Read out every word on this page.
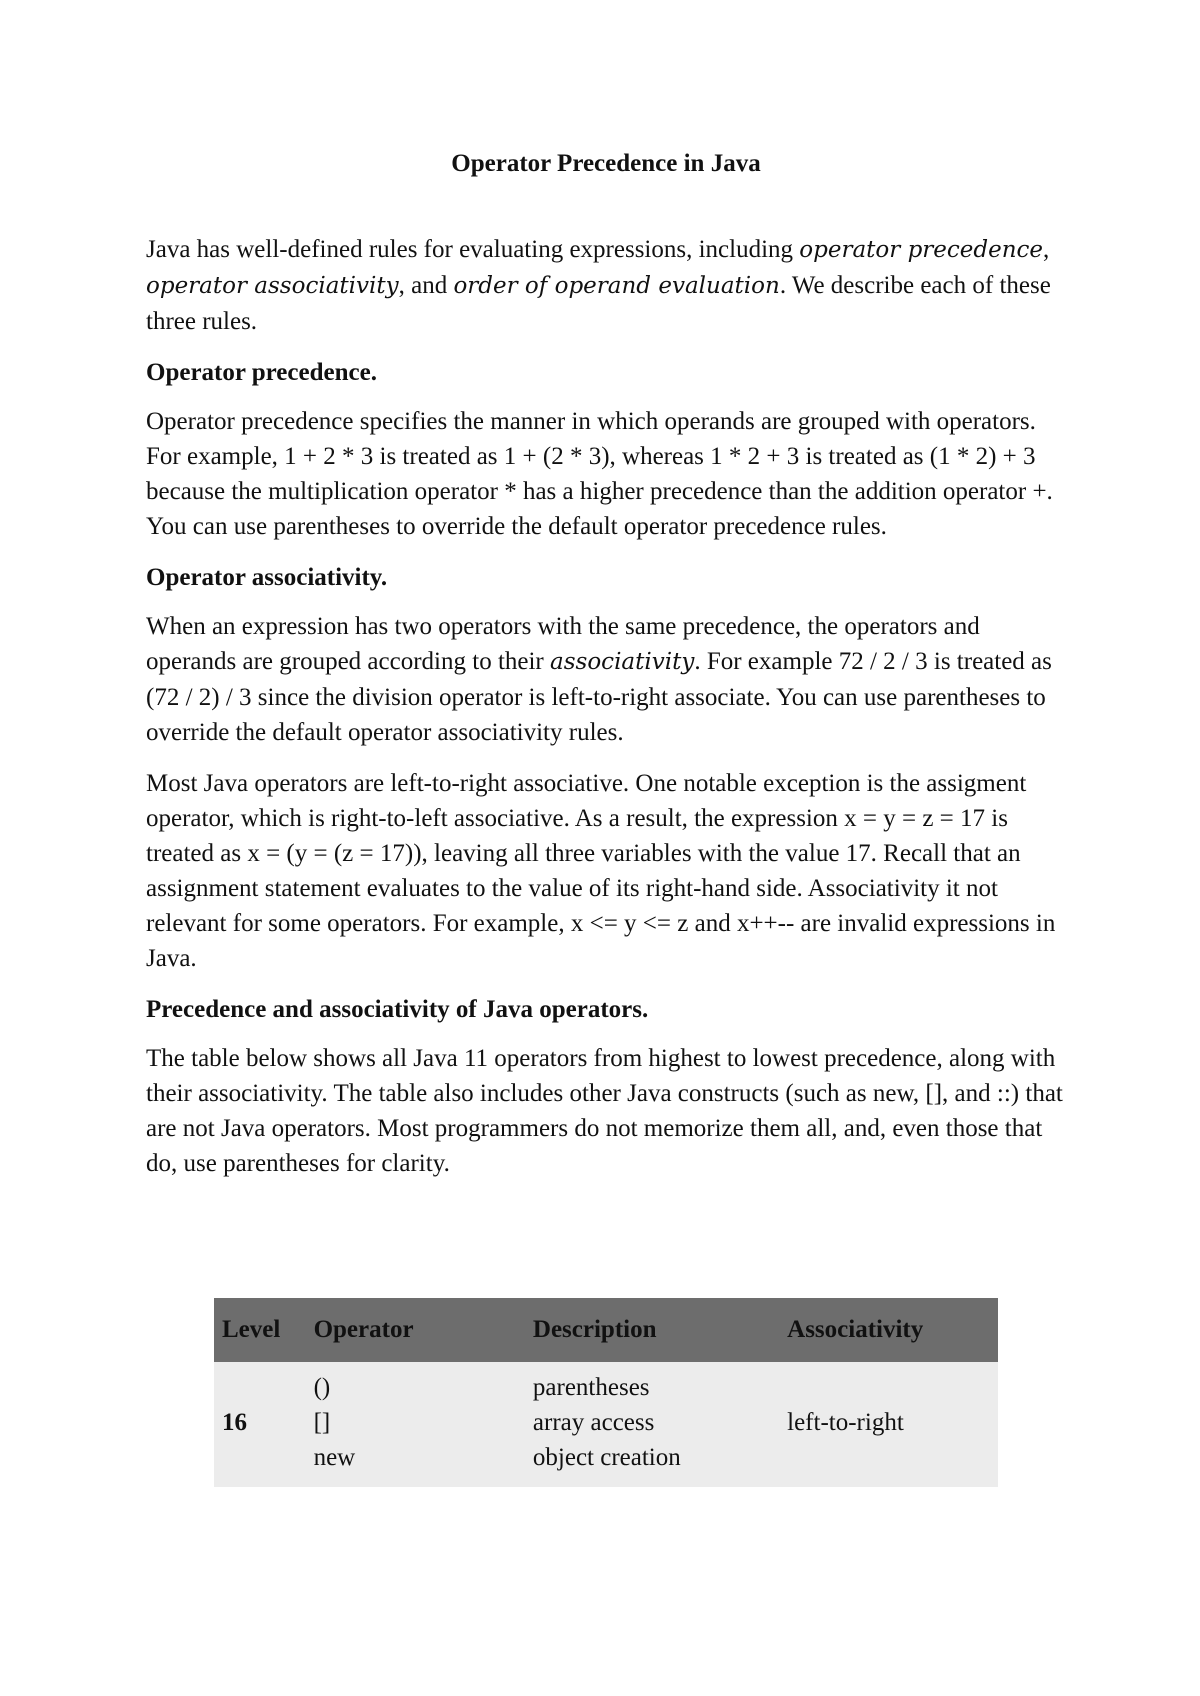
Operator Precedence in Java

Java has well-defined rules for evaluating expressions, including operator precedence, operator associativity, and order of operand evaluation. We describe each of these three rules.

Operator precedence.

Operator precedence specifies the manner in which operands are grouped with operators. For example, 1 + 2 * 3 is treated as 1 + (2 * 3), whereas 1 * 2 + 3 is treated as (1 * 2) + 3 because the multiplication operator * has a higher precedence than the addition operator +. You can use parentheses to override the default operator precedence rules.

Operator associativity.

When an expression has two operators with the same precedence, the operators and operands are grouped according to their associativity. For example 72 / 2 / 3 is treated as (72 / 2) / 3 since the division operator is left-to-right associate. You can use parentheses to override the default operator associativity rules.

Most Java operators are left-to-right associative. One notable exception is the assigment operator, which is right-to-left associative. As a result, the expression x = y = z = 17 is treated as x = (y = (z = 17)), leaving all three variables with the value 17. Recall that an assignment statement evaluates to the value of its right-hand side. Associativity it not relevant for some operators. For example, x <= y <= z and x++-- are invalid expressions in Java.

Precedence and associativity of Java operators.

The table below shows all Java 11 operators from highest to lowest precedence, along with their associativity. The table also includes other Java constructs (such as new, [], and ::) that are not Java operators. Most programmers do not memorize them all, and, even those that do, use parentheses for clarity.

Level	Operator	Description	Associativity
16	()
[]
new	parentheses
array access
object creation	left-to-right
